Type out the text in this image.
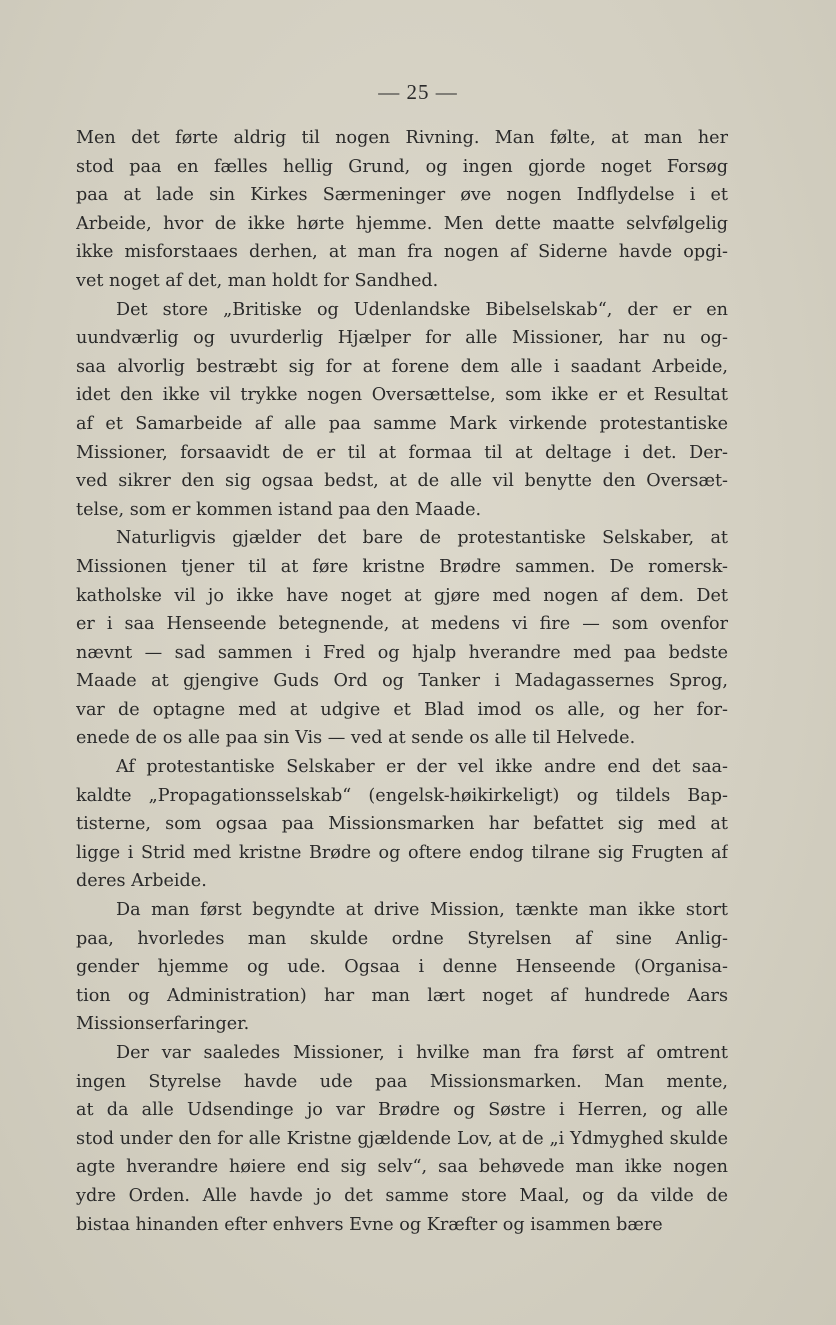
— 25 —
Men det førte aldrig til nogen Rivning. Man følte, at man her
stod paa en fælles hellig Grund, og ingen gjorde noget Forsøg
paa at lade sin Kirkes Særmeninger øve nogen Indflydelse i et
Arbeide, hvor de ikke hørte hjemme. Men dette maatte selvfølgelig
ikke misforstaaes derhen, at man fra nogen af Siderne havde opgi-
vet noget af det, man holdt for Sandhed.
Det store „Britiske og Udenlandske Bibelselskab“, der er en
uundværlig og uvurderlig Hjælper for alle Missioner, har nu og-
saa alvorlig bestræbt sig for at forene dem alle i saadant Arbeide,
idet den ikke vil trykke nogen Oversættelse, som ikke er et Resultat
af et Samarbeide af alle paa samme Mark virkende protestantiske
Missioner, forsaavidt de er til at formaa til at deltage i det. Der-
ved sikrer den sig ogsaa bedst, at de alle vil benytte den Oversæt-
telse, som er kommen istand paa den Maade.
Naturligvis gjælder det bare de protestantiske Selskaber, at
Missionen tjener til at føre kristne Brødre sammen. De romersk-
katholske vil jo ikke have noget at gjøre med nogen af dem. Det
er i saa Henseende betegnende, at medens vi fire — som ovenfor
nævnt — sad sammen i Fred og hjalp hverandre med paa bedste
Maade at gjengive Guds Ord og Tanker i Madagassernes Sprog,
var de optagne med at udgive et Blad imod os alle, og her for-
enede de os alle paa sin Vis — ved at sende os alle til Helvede.
Af protestantiske Selskaber er der vel ikke andre end det saa-
kaldte „Propagationsselskab“ (engelsk-høikirkeligt) og tildels Bap-
tisterne, som ogsaa paa Missionsmarken har befattet sig med at
ligge i Strid med kristne Brødre og oftere endog tilrane sig Frugten af
deres Arbeide.
Da man først begyndte at drive Mission, tænkte man ikke stort
paa, hvorledes man skulde ordne Styrelsen af sine Anlig-
gender hjemme og ude. Ogsaa i denne Henseende (Organisa-
tion og Administration) har man lært noget af hundrede Aars
Missionserfaringer.
Der var saaledes Missioner, i hvilke man fra først af omtrent
ingen Styrelse havde ude paa Missionsmarken. Man mente,
at da alle Udsendinge jo var Brødre og Søstre i Herren, og alle
stod under den for alle Kristne gjældende Lov, at de „i Ydmyghed skulde
agte hverandre høiere end sig selv“, saa behøvede man ikke nogen
ydre Orden. Alle havde jo det samme store Maal, og da vilde de
bistaa hinanden efter enhvers Evne og Kræfter og isammen bære
